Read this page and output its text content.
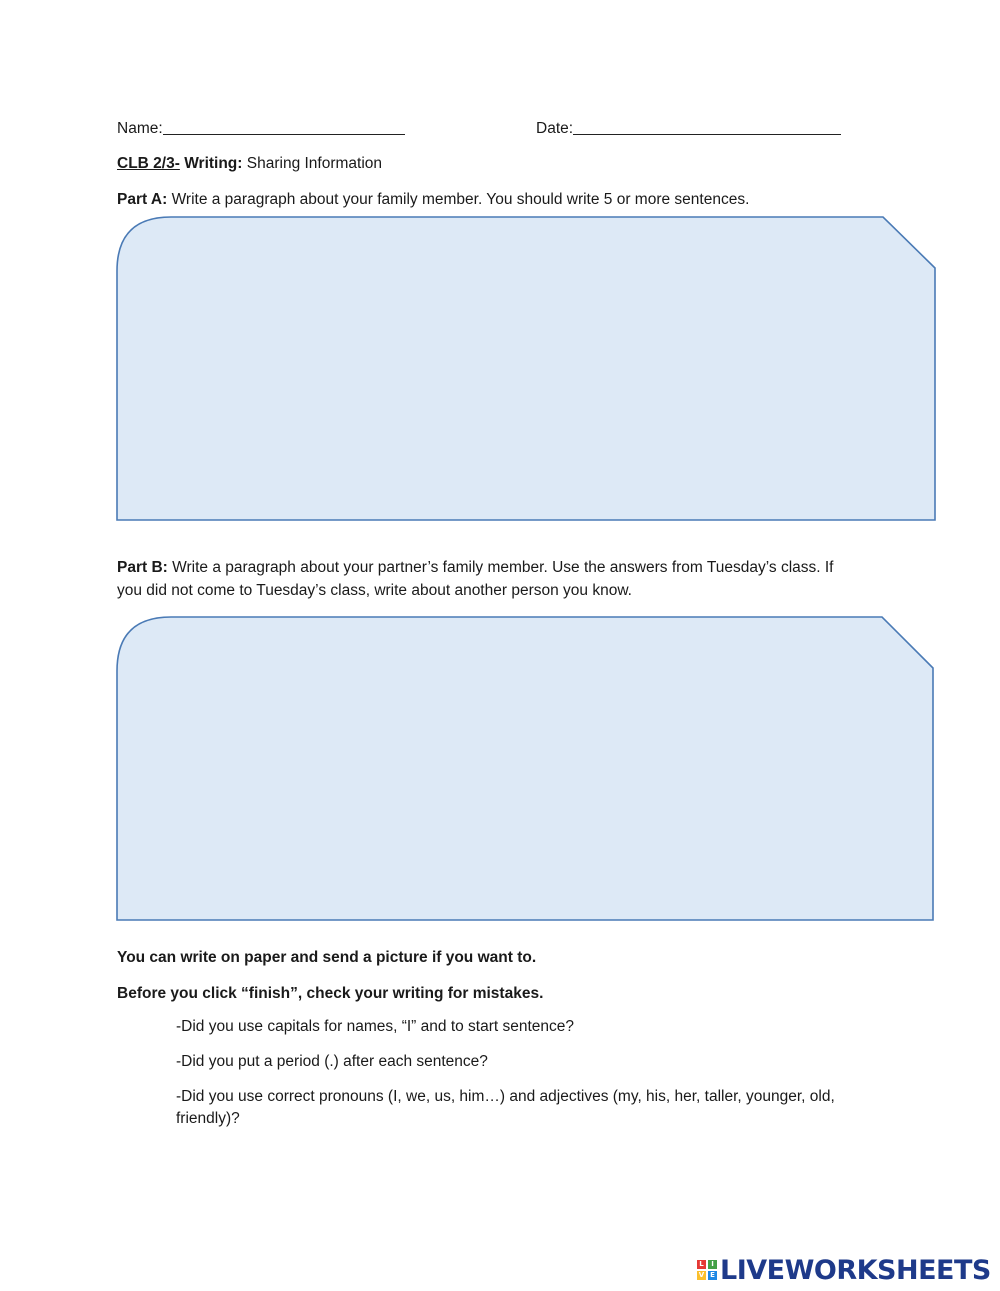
Name:	Date:
CLB 2/3- Writing: Sharing Information
Part A: Write a paragraph about your family member. You should write 5 or more sentences.
Part B: Write a paragraph about your partner’s family member. Use the answers from Tuesday’s class. If
you did not come to Tuesday’s class, write about another person you know.
You can write on paper and send a picture if you want to.
Before you click “finish”, check your writing for mistakes.
-Did you use capitals for names, “I” and to start sentence?
-Did you put a period (.) after each sentence?
-Did you use correct pronouns (I, we, us, him…) and adjectives (my, his, her, taller, younger, old,
friendly)?
L	I
V E LIVEWORKSHEETS
